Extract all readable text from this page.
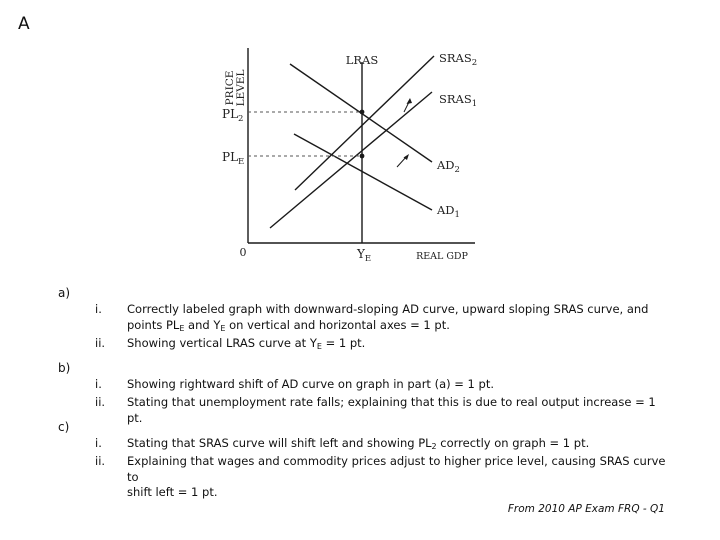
A
PRICE LEVEL
$PL_2$
$PL_E$
0	$Y_E$	REAL GDP
LRAS	$SRAS_2$
$SRAS_1$
$AD_2$
$AD_1$
a)
i. Correctly labeled graph with downward-sloping AD curve, upward sloping SRAS curve, and
points $PL_E$ and $Y_E$ on vertical and horizontal axes = 1 pt.
ii. Showing vertical LRAS curve at $Y_E = 1$ pt.
b)
i. Showing rightward shift of AD curve on graph in part (a) = 1 pt.
ii. Stating that unemployment rate falls; explaining that this is due to real output increase = 1 pt.
c)
i. Stating that SRAS curve will shift left and showing $PL_2$ correctly on graph = 1 pt.
ii. Explaining that wages and commodity prices adjust to higher price level, causing SRAS curve to
shift left = 1 pt.
From 2010 AP Exam FRQ - Q1
